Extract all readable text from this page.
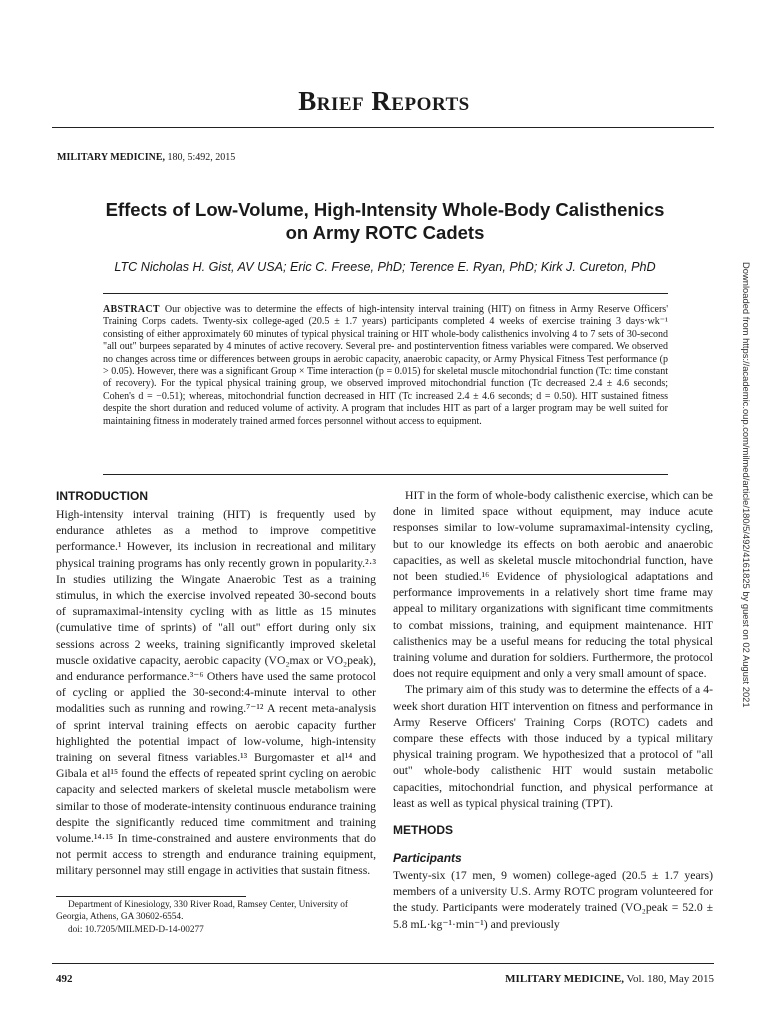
Brief Reports
MILITARY MEDICINE, 180, 5:492, 2015
Effects of Low-Volume, High-Intensity Whole-Body Calisthenics
on Army ROTC Cadets
LTC Nicholas H. Gist, AV USA; Eric C. Freese, PhD; Terence E. Ryan, PhD; Kirk J. Cureton, PhD
ABSTRACT Our objective was to determine the effects of high-intensity interval training (HIT) on fitness in Army Reserve Officers' Training Corps cadets. Twenty-six college-aged (20.5 ± 1.7 years) participants completed 4 weeks of exercise training 3 days·wk⁻¹ consisting of either approximately 60 minutes of typical physical training or HIT whole-body calisthenics involving 4 to 7 sets of 30-second "all out" burpees separated by 4 minutes of active recovery. Several pre- and postintervention fitness variables were compared. We observed no changes across time or differences between groups in aerobic capacity, anaerobic capacity, or Army Physical Fitness Test performance (p > 0.05). However, there was a significant Group × Time interaction (p = 0.015) for skeletal muscle mitochondrial function (Tc: time constant of recovery). For the typical physical training group, we observed improved mitochondrial function (Tc decreased 2.4 ± 4.6 seconds; Cohen's d = −0.51); whereas, mitochondrial function decreased in HIT (Tc increased 2.4 ± 4.6 seconds; d = 0.50). HIT sustained fitness despite the short duration and reduced volume of activity. A program that includes HIT as part of a larger program may be well suited for maintaining fitness in moderately trained armed forces personnel without access to equipment.
INTRODUCTION

High-intensity interval training (HIT) is frequently used by endurance athletes as a method to improve competitive performance.¹ However, its inclusion in recreational and military physical training programs has only recently grown in popularity.²·³ In studies utilizing the Wingate Anaerobic Test as a training stimulus, in which the exercise involved repeated 30-second bouts of supramaximal-intensity cycling with as little as 15 minutes (cumulative time of sprints) of "all out" effort during only six sessions across 2 weeks, training significantly improved skeletal muscle oxidative capacity, aerobic capacity (VO₂max or VO₂peak), and endurance performance.³⁻⁶ Others have used the same protocol of cycling or applied the 30-second:4-minute interval to other modalities such as running and rowing.⁷⁻¹² A recent meta-analysis of sprint interval training effects on aerobic capacity further highlighted the potential impact of low-volume, high-intensity training on several fitness variables.¹³ Burgomaster et al¹⁴ and Gibala et al¹⁵ found the effects of repeated sprint cycling on aerobic capacity and selected markers of skeletal muscle metabolism were similar to those of moderate-intensity continuous endurance training despite the significantly reduced time commitment and training volume.¹⁴·¹⁵ In time-constrained and austere environments that do not permit access to strength and endurance training equipment, military personnel may still engage in activities that sustain fitness.

HIT in the form of whole-body calisthenic exercise, which can be done in limited space without equipment, may induce acute responses similar to low-volume supramaximal-intensity cycling, but to our knowledge its effects on both aerobic and anaerobic capacities, as well as skeletal muscle mitochondrial function, have not been studied.¹⁶ Evidence of physiological adaptations and performance improvements in a relatively short time frame may appeal to military organizations with significant time commitments to combat missions, training, and equipment maintenance. HIT calisthenics may be a useful means for reducing the total physical training volume and duration for soldiers. Furthermore, the protocol does not require equipment and only a very small amount of space.

The primary aim of this study was to determine the effects of a 4-week short duration HIT intervention on fitness and performance in Army Reserve Officers' Training Corps (ROTC) cadets and compare these effects with those induced by a typical military physical training program. We hypothesized that a protocol of "all out" whole-body calisthenic HIT would sustain metabolic capacities, mitochondrial function, and physical performance at least as well as typical physical training (TPT).

METHODS
Participants

Twenty-six (17 men, 9 women) college-aged (20.5 ± 1.7 years) members of a university U.S. Army ROTC program volunteered for the study. Participants were moderately trained (VO₂peak = 52.0 ± 5.8 mL·kg⁻¹·min⁻¹) and previously

Department of Kinesiology, 330 River Road, Ramsey Center, University of Georgia, Athens, GA 30602-6554.
doi: 10.7205/MILMED-D-14-00277
492	MILITARY MEDICINE, Vol. 180, May 2015
Downloaded from https://academic.oup.com/milmed/article/180/5/492/4161825 by guest on 02 August 2021
